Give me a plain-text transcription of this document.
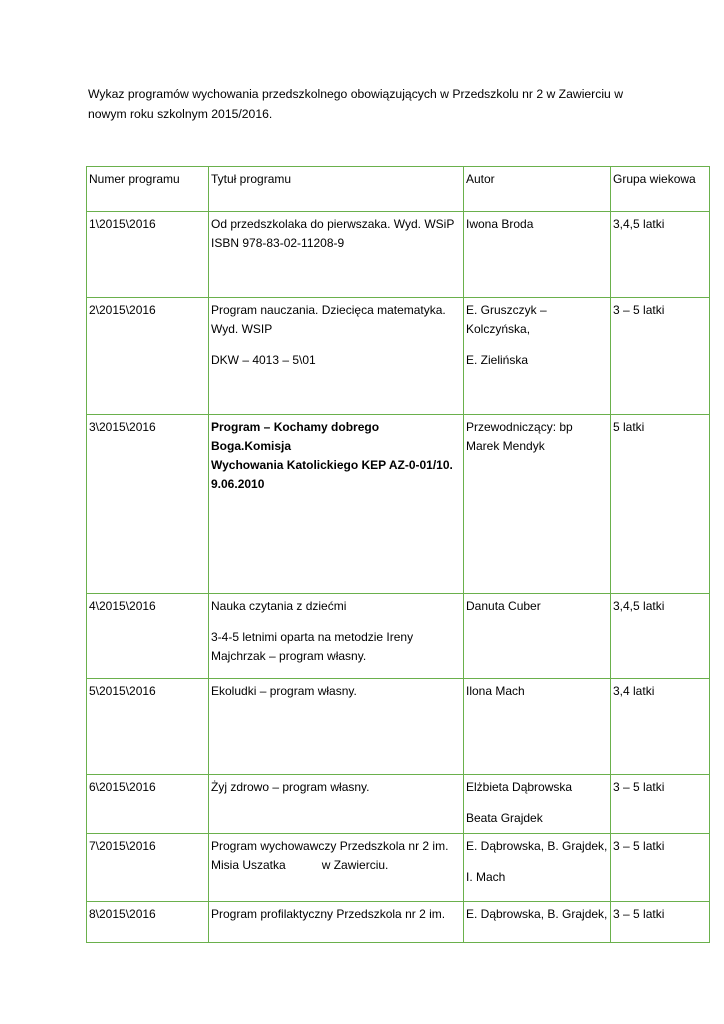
Wykaz programów wychowania przedszkolnego obowiązujących w Przedszkolu nr 2 w Zawierciu w

nowym roku szkolnym 2015/2016.

Numer programu	Tytuł programu	Autor	Grupa wiekowa
1\2015\2016	Od przedszkolaka do pierwszaka. Wyd. WSiP
ISBN 978-83-02-11208-9	Iwona Broda	3,4,5 latki
2\2015\2016	Program nauczania. Dziecięca matematyka.
Wyd. WSIP
DKW – 4013 – 5\01	E. Gruszczyk – Kolczyńska,
E. Zielińska	3 – 5 latki
3\2015\2016	Program – Kochamy dobrego Boga.Komisja
Wychowania Katolickiego KEP AZ-0-01/10.
9.06.2010	Przewodniczący: bp
Marek Mendyk	5 latki
4\2015\2016	Nauka czytania z dziećmi
3-4-5 letnimi oparta na metodzie Ireny
Majchrzak – program własny.	Danuta Cuber	3,4,5 latki
5\2015\2016	Ekoludki – program własny.	Ilona Mach	3,4 latki
6\2015\2016	Żyj zdrowo – program własny.	Elżbieta Dąbrowska
Beata Grajdek	3 – 5 latki
7\2015\2016	Program wychowawczy Przedszkola nr 2 im.
Misia Uszatka w Zawierciu.	E. Dąbrowska, B. Grajdek,
I. Mach	3 – 5 latki
8\2015\2016	Program profilaktyczny Przedszkola nr 2 im.	E. Dąbrowska, B. Grajdek,	3 – 5 latki
